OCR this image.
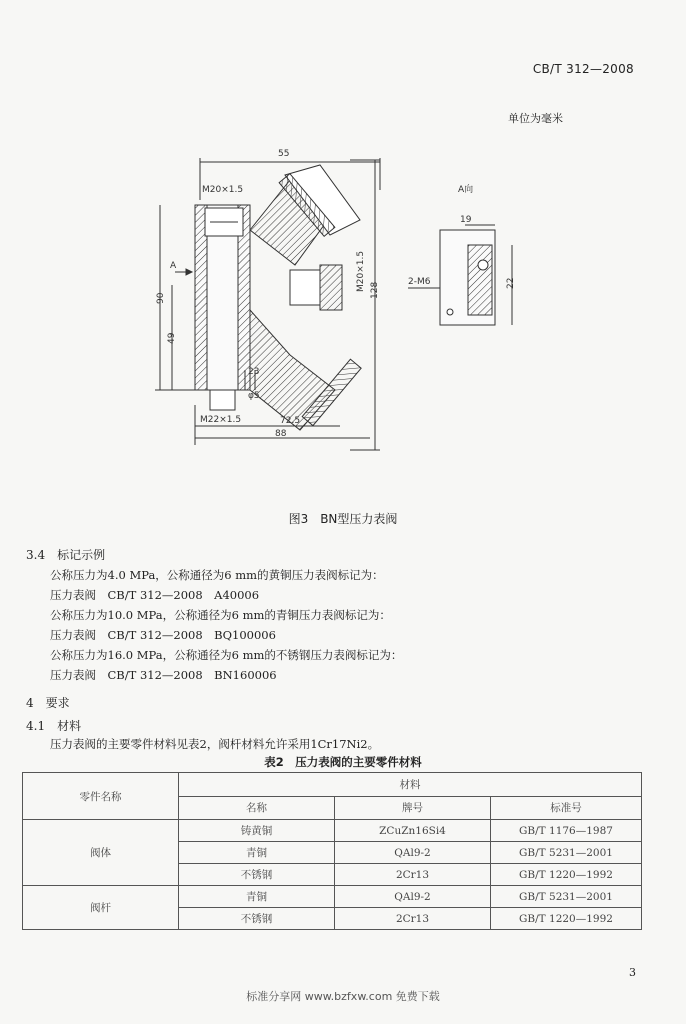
CB/T 312—2008
单位为毫米
55
M20×1.5
A
90
49
M20×1.5 128
23
φ5
M22×1.5	72.5
88
A向
19
2-M6	22
图3　BN型压力表阀
3.4　标记示例
公称压力为4.0 MPa，公称通径为6 mm的黄铜压力表阀标记为：
压力表阀　CB/T 312—2008　A40006
公称压力为10.0 MPa，公称通径为6 mm的青铜压力表阀标记为：
压力表阀　CB/T 312—2008　BQ100006
公称压力为16.0 MPa，公称通径为6 mm的不锈钢压力表阀标记为：
压力表阀　CB/T 312—2008　BN160006
4　要求
4.1　材料
压力表阀的主要零件材料见表2，阀杆材料允许采用1Cr17Ni2。
表2　压力表阀的主要零件材料
零件名称	材料		
	名称	牌号	标准号
阀体	铸黄铜	ZCuZn16Si4	GB/T 1176—1987
	青铜	QAl9-2	GB/T 5231—2001
	不锈钢	2Cr13	GB/T 1220—1992
阀杆	青铜	QAl9-2	GB/T 5231—2001
	不锈钢	2Cr13	GB/T 1220—1992
3
标准分享网 www.bzfxw.com 免费下载
